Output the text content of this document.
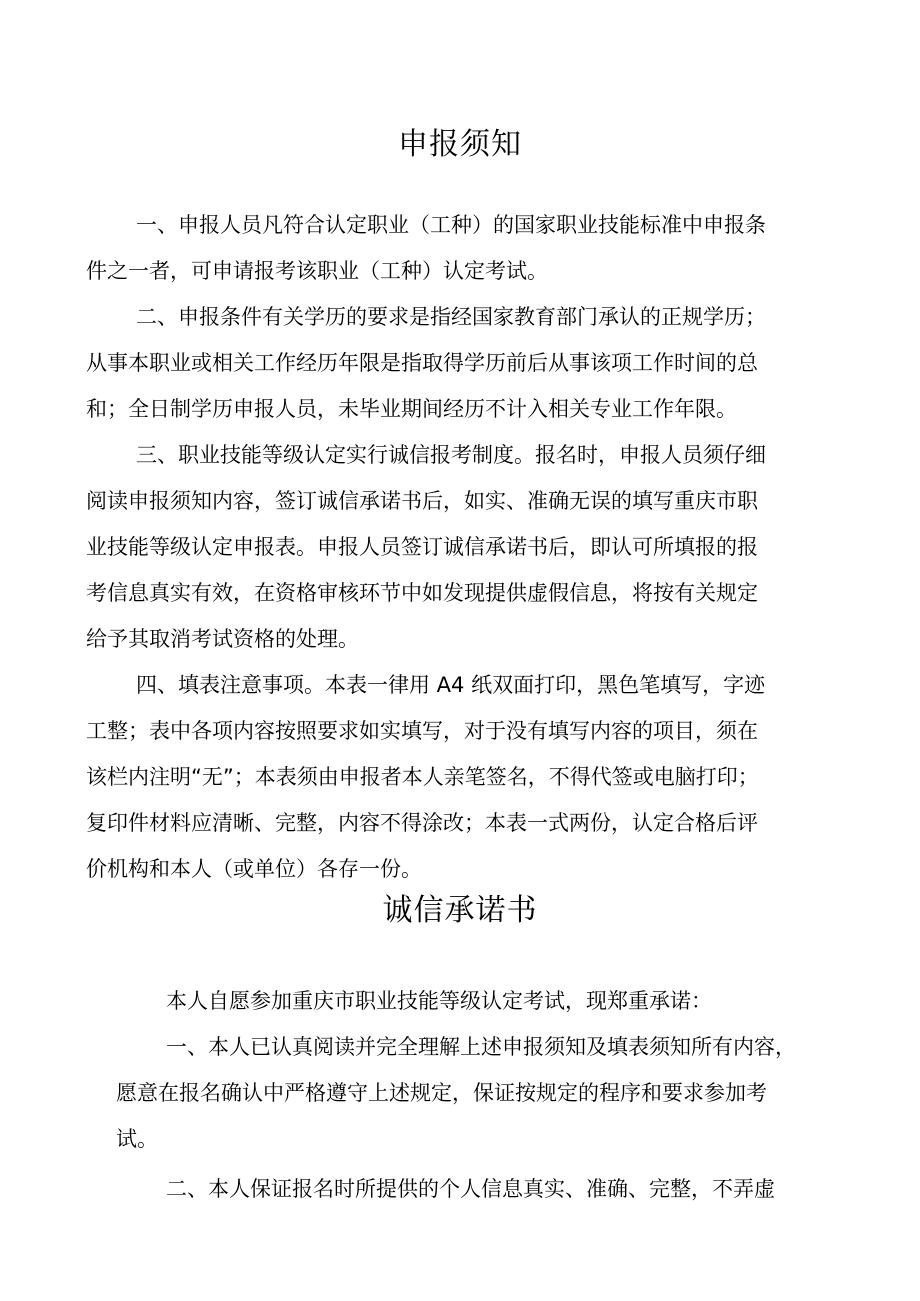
申报须知
一、申报人员凡符合认定职业（工种）的国家职业技能标准中申报条
件之一者，可申请报考该职业（工种）认定考试。
二、申报条件有关学历的要求是指经国家教育部门承认的正规学历；
从事本职业或相关工作经历年限是指取得学历前后从事该项工作时间的总
和；全日制学历申报人员，未毕业期间经历不计入相关专业工作年限。
三、职业技能等级认定实行诚信报考制度。报名时，申报人员须仔细
阅读申报须知内容，签订诚信承诺书后，如实、准确无误的填写重庆市职
业技能等级认定申报表。申报人员签订诚信承诺书后，即认可所填报的报
考信息真实有效，在资格审核环节中如发现提供虚假信息，将按有关规定
给予其取消考试资格的处理。
四、填表注意事项。本表一律用 A4 纸双面打印，黑色笔填写，字迹
工整；表中各项内容按照要求如实填写，对于没有填写内容的项目，须在
该栏内注明“无”；本表须由申报者本人亲笔签名，不得代签或电脑打印；
复印件材料应清晰、完整，内容不得涂改；本表一式两份，认定合格后评
价机构和本人（或单位）各存一份。
诚信承诺书
本人自愿参加重庆市职业技能等级认定考试，现郑重承诺：
一、本人已认真阅读并完全理解上述申报须知及填表须知所有内容，
愿意在报名确认中严格遵守上述规定，保证按规定的程序和要求参加考
试。
二、本人保证报名时所提供的个人信息真实、准确、完整，不弄虚
